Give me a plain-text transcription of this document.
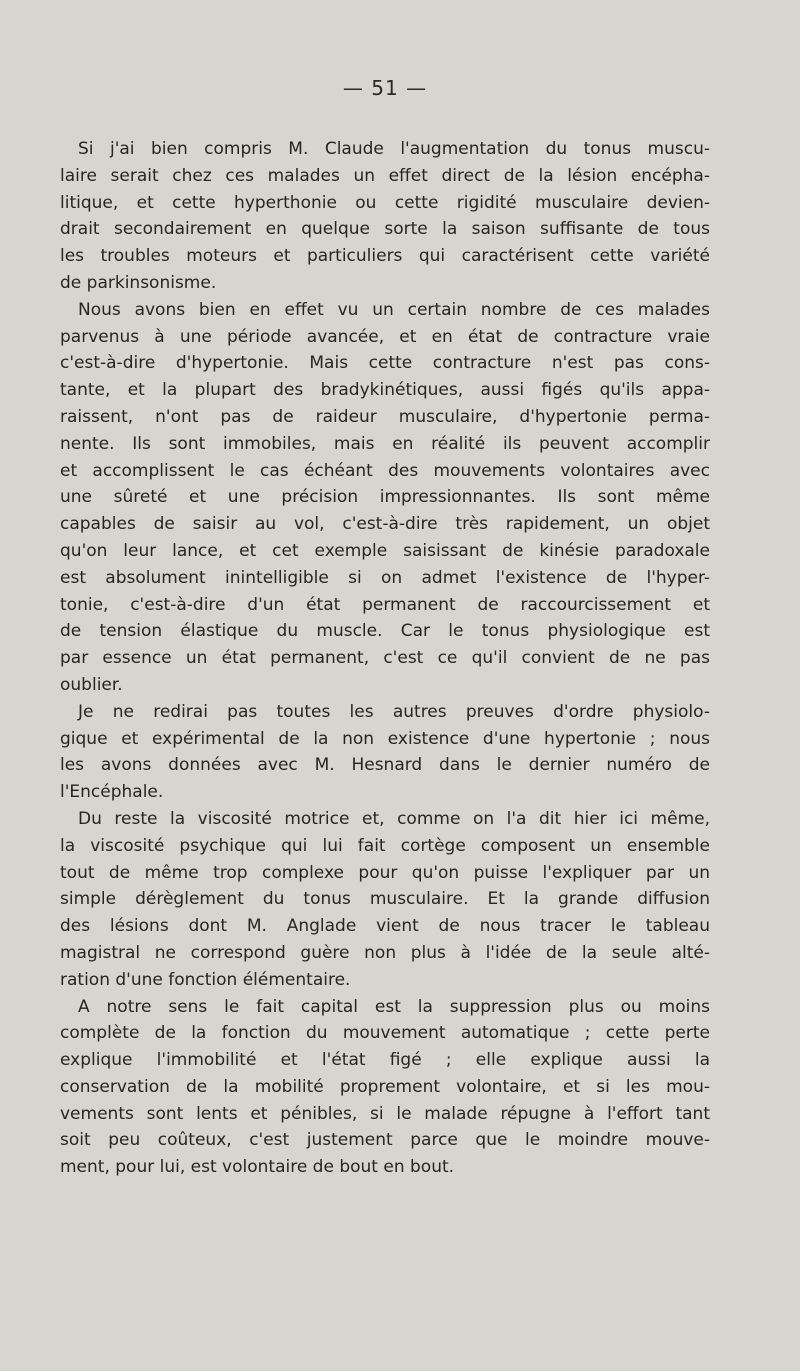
— 51 —
Si j'ai bien compris M. Claude l'augmentation du tonus muscu-
laire serait chez ces malades un effet direct de la lésion encépha-
litique, et cette hyperthonie ou cette rigidité musculaire devien-
drait secondairement en quelque sorte la saison suffisante de tous
les troubles moteurs et particuliers qui caractérisent cette variété
de parkinsonisme.
Nous avons bien en effet vu un certain nombre de ces malades
parvenus à une période avancée, et en état de contracture vraie
c'est-à-dire d'hypertonie. Mais cette contracture n'est pas cons-
tante, et la plupart des bradykinétiques, aussi figés qu'ils appa-
raissent, n'ont pas de raideur musculaire, d'hypertonie perma-
nente. Ils sont immobiles, mais en réalité ils peuvent accomplir
et accomplissent le cas échéant des mouvements volontaires avec
une sûreté et une précision impressionnantes. Ils sont même
capables de saisir au vol, c'est-à-dire très rapidement, un objet
qu'on leur lance, et cet exemple saisissant de kinésie paradoxale
est absolument inintelligible si on admet l'existence de l'hyper-
tonie, c'est-à-dire d'un état permanent de raccourcissement et
de tension élastique du muscle. Car le tonus physiologique est
par essence un état permanent, c'est ce qu'il convient de ne pas
oublier.
Je ne redirai pas toutes les autres preuves d'ordre physiolo-
gique et expérimental de la non existence d'une hypertonie ; nous
les avons données avec M. Hesnard dans le dernier numéro de
l'Encéphale.
Du reste la viscosité motrice et, comme on l'a dit hier ici même,
la viscosité psychique qui lui fait cortège composent un ensemble
tout de même trop complexe pour qu'on puisse l'expliquer par un
simple dérèglement du tonus musculaire. Et la grande diffusion
des lésions dont M. Anglade vient de nous tracer le tableau
magistral ne correspond guère non plus à l'idée de la seule alté-
ration d'une fonction élémentaire.
A notre sens le fait capital est la suppression plus ou moins
complète de la fonction du mouvement automatique ; cette perte
explique l'immobilité et l'état figé ; elle explique aussi la
conservation de la mobilité proprement volontaire, et si les mou-
vements sont lents et pénibles, si le malade répugne à l'effort tant
soit peu coûteux, c'est justement parce que le moindre mouve-
ment, pour lui, est volontaire de bout en bout.
